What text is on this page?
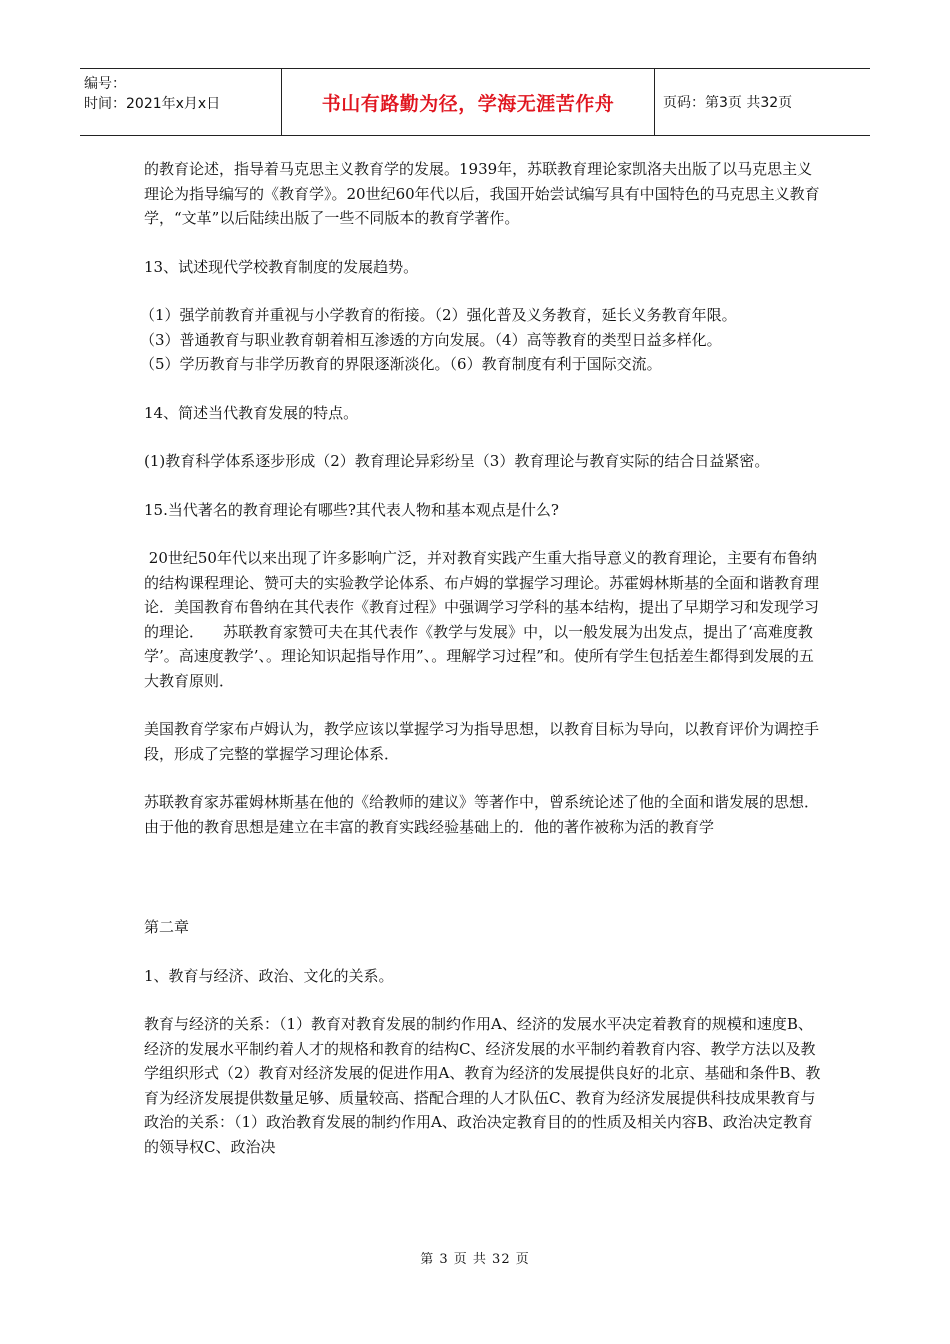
编号：
时间：2021年x月x日	书山有路勤为径，学海无涯苦作舟	页码：第3页 共32页

的教育论述，指导着马克思主义教育学的发展。1939年，苏联教育理论家凯洛夫出版了以马克思主义理论为指导编写的《教育学》。20世纪60年代以后，我国开始尝试编写具有中国特色的马克思主义教育学，“文革”以后陆续出版了一些不同版本的教育学著作。

13、试述现代学校教育制度的发展趋势。

（1）强学前教育并重视与小学教育的衔接。（2）强化普及义务教育，延长义务教育年限。

（3）普通教育与职业教育朝着相互渗透的方向发展。（4）高等教育的类型日益多样化。

（5）学历教育与非学历教育的界限逐渐淡化。（6）教育制度有利于国际交流。

14、简述当代教育发展的特点。

(1)教育科学体系逐步形成（2）教育理论异彩纷呈（3）教育理论与教育实际的结合日益紧密。

15.当代著名的教育理论有哪些?其代表人物和基本观点是什么?

20世纪50年代以来出现了许多影响广泛，并对教育实践产生重大指导意义的教育理论，主要有布鲁纳的结构课程理论、赞可夫的实验教学论体系、布卢姆的掌握学习理论。苏霍姆林斯基的全面和谐教育理论．美国教育布鲁纳在其代表作《教育过程》中强调学习学科的基本结构，提出了早期学习和发现学习的理论．    苏联教育家赞可夫在其代表作《教学与发展》中，以一般发展为出发点，提出了‘高难度教学’。高速度教学’、。理论知识起指导作用”、。理解学习过程”和。使所有学生包括差生都得到发展的五大教育原则．

美国教育学家布卢姆认为，教学应该以掌握学习为指导思想，以教育目标为导向，以教育评价为调控手段，形成了完整的掌握学习理论体系．

苏联教育家苏霍姆林斯基在他的《给教师的建议》等著作中，曾系统论述了他的全面和谐发展的思想．由于他的教育思想是建立在丰富的教育实践经验基础上的．他的著作被称为活的教育学

第二章

1、教育与经济、政治、文化的关系。

教育与经济的关系：（1）教育对教育发展的制约作用A、经济的发展水平决定着教育的规模和速度B、经济的发展水平制约着人才的规格和教育的结构C、经济发展的水平制约着教育内容、教学方法以及教学组织形式（2）教育对经济发展的促进作用A、教育为经济的发展提供良好的北京、基础和条件B、教育为经济发展提供数量足够、质量较高、搭配合理的人才队伍C、教育为经济发展提供科技成果教育与政治的关系：（1）政治教育发展的制约作用A、政治决定教育目的的性质及相关内容B、政治决定教育的领导权C、政治决

第 3 页 共 32 页
